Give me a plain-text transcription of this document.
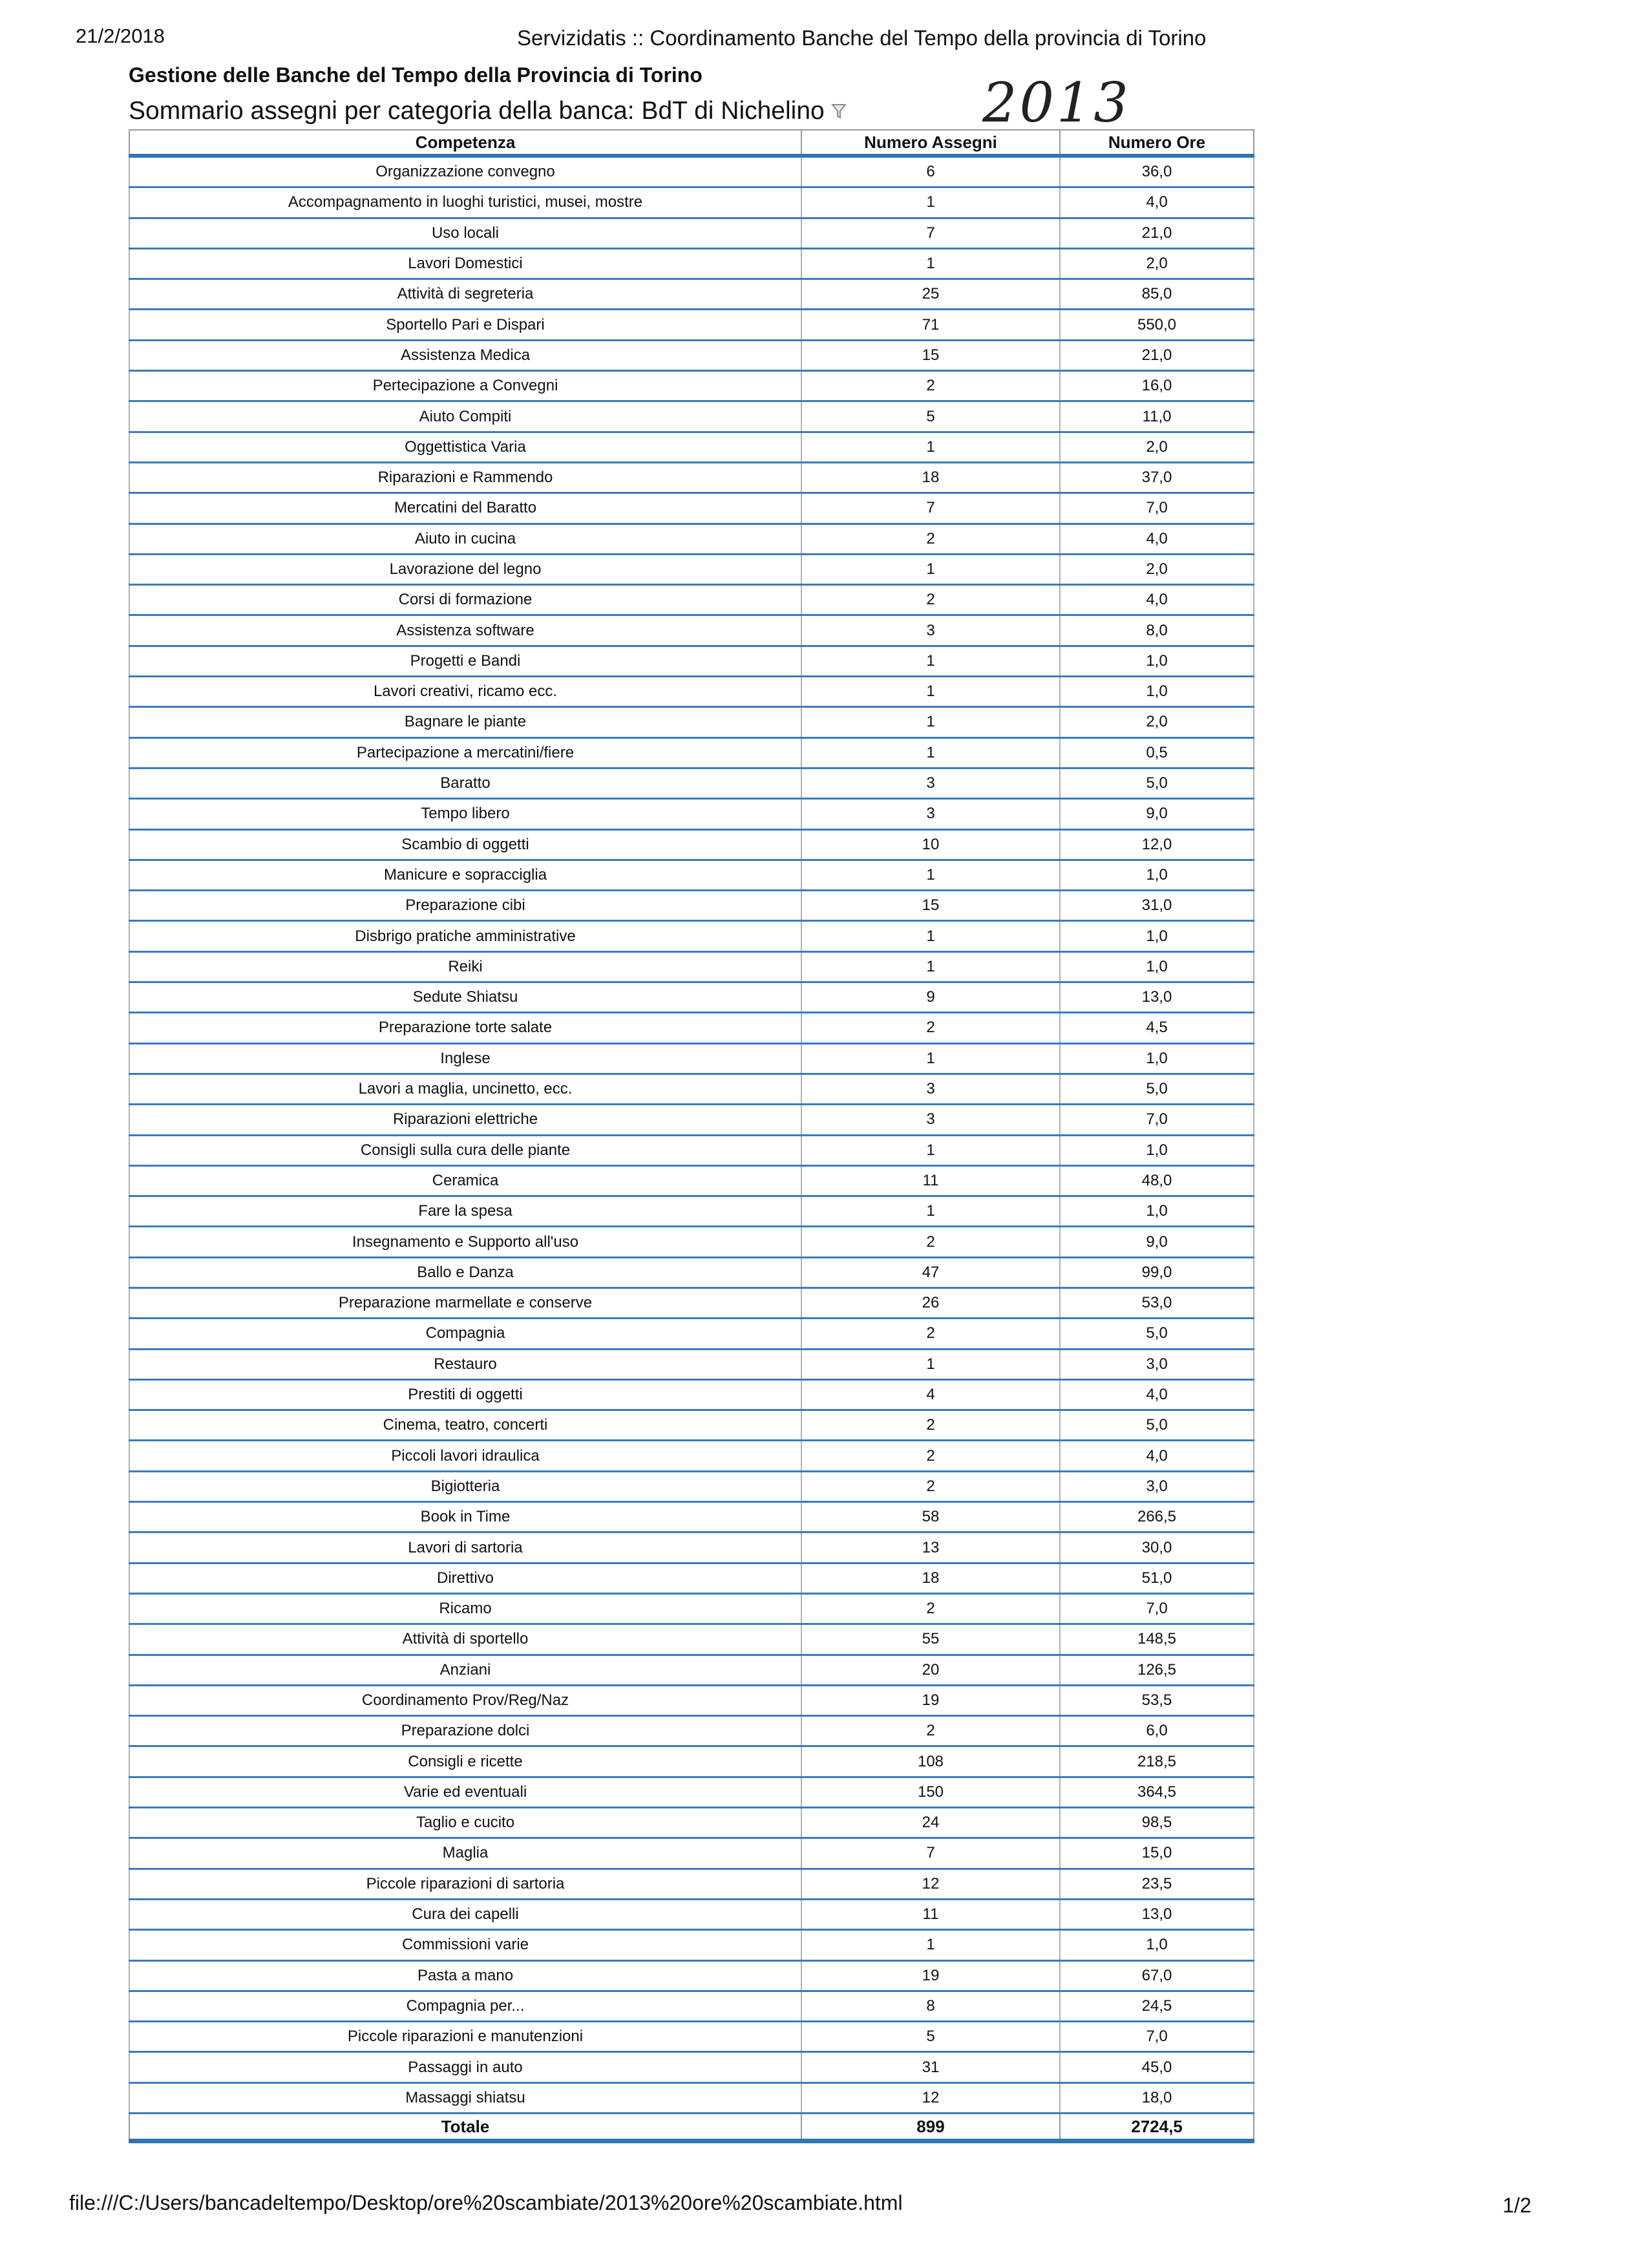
21/2/2018	Servizidatis :: Coordinamento Banche del Tempo della provincia di Torino
Gestione delle Banche del Tempo della Provincia di Torino
Sommario assegni per categoria della banca: BdT di Nichelino	2013
Competenza	Numero Assegni	Numero Ore
Organizzazione convegno	6	36,0
Accompagnamento in luoghi turistici, musei, mostre	1	4,0
Uso locali	7	21,0
Lavori Domestici	1	2,0
Attività di segreteria	25	85,0
Sportello Pari e Dispari	71	550,0
Assistenza Medica	15	21,0
Pertecipazione a Convegni	2	16,0
Aiuto Compiti	5	11,0
Oggettistica Varia	1	2,0
Riparazioni e Rammendo	18	37,0
Mercatini del Baratto	7	7,0
Aiuto in cucina	2	4,0
Lavorazione del legno	1	2,0
Corsi di formazione	2	4,0
Assistenza software	3	8,0
Progetti e Bandi	1	1,0
Lavori creativi, ricamo ecc.	1	1,0
Bagnare le piante	1	2,0
Partecipazione a mercatini/fiere	1	0,5
Baratto	3	5,0
Tempo libero	3	9,0
Scambio di oggetti	10	12,0
Manicure e sopracciglia	1	1,0
Preparazione cibi	15	31,0
Disbrigo pratiche amministrative	1	1,0
Reiki	1	1,0
Sedute Shiatsu	9	13,0
Preparazione torte salate	2	4,5
Inglese	1	1,0
Lavori a maglia, uncinetto, ecc.	3	5,0
Riparazioni elettriche	3	7,0
Consigli sulla cura delle piante	1	1,0
Ceramica	11	48,0
Fare la spesa	1	1,0
Insegnamento e Supporto all'uso	2	9,0
Ballo e Danza	47	99,0
Preparazione marmellate e conserve	26	53,0
Compagnia	2	5,0
Restauro	1	3,0
Prestiti di oggetti	4	4,0
Cinema, teatro, concerti	2	5,0
Piccoli lavori idraulica	2	4,0
Bigiotteria	2	3,0
Book in Time	58	266,5
Lavori di sartoria	13	30,0
Direttivo	18	51,0
Ricamo	2	7,0
Attività di sportello	55	148,5
Anziani	20	126,5
Coordinamento Prov/Reg/Naz	19	53,5
Preparazione dolci	2	6,0
Consigli e ricette	108	218,5
Varie ed eventuali	150	364,5
Taglio e cucito	24	98,5
Maglia	7	15,0
Piccole riparazioni di sartoria	12	23,5
Cura dei capelli	11	13,0
Commissioni varie	1	1,0
Pasta a mano	19	67,0
Compagnia per...	8	24,5
Piccole riparazioni e manutenzioni	5	7,0
Passaggi in auto	31	45,0
Massaggi shiatsu	12	18,0
Totale	899	2724,5
file:///C:/Users/bancadeltempo/Desktop/ore%20scambiate/2013%20ore%20scambiate.html	1/2
